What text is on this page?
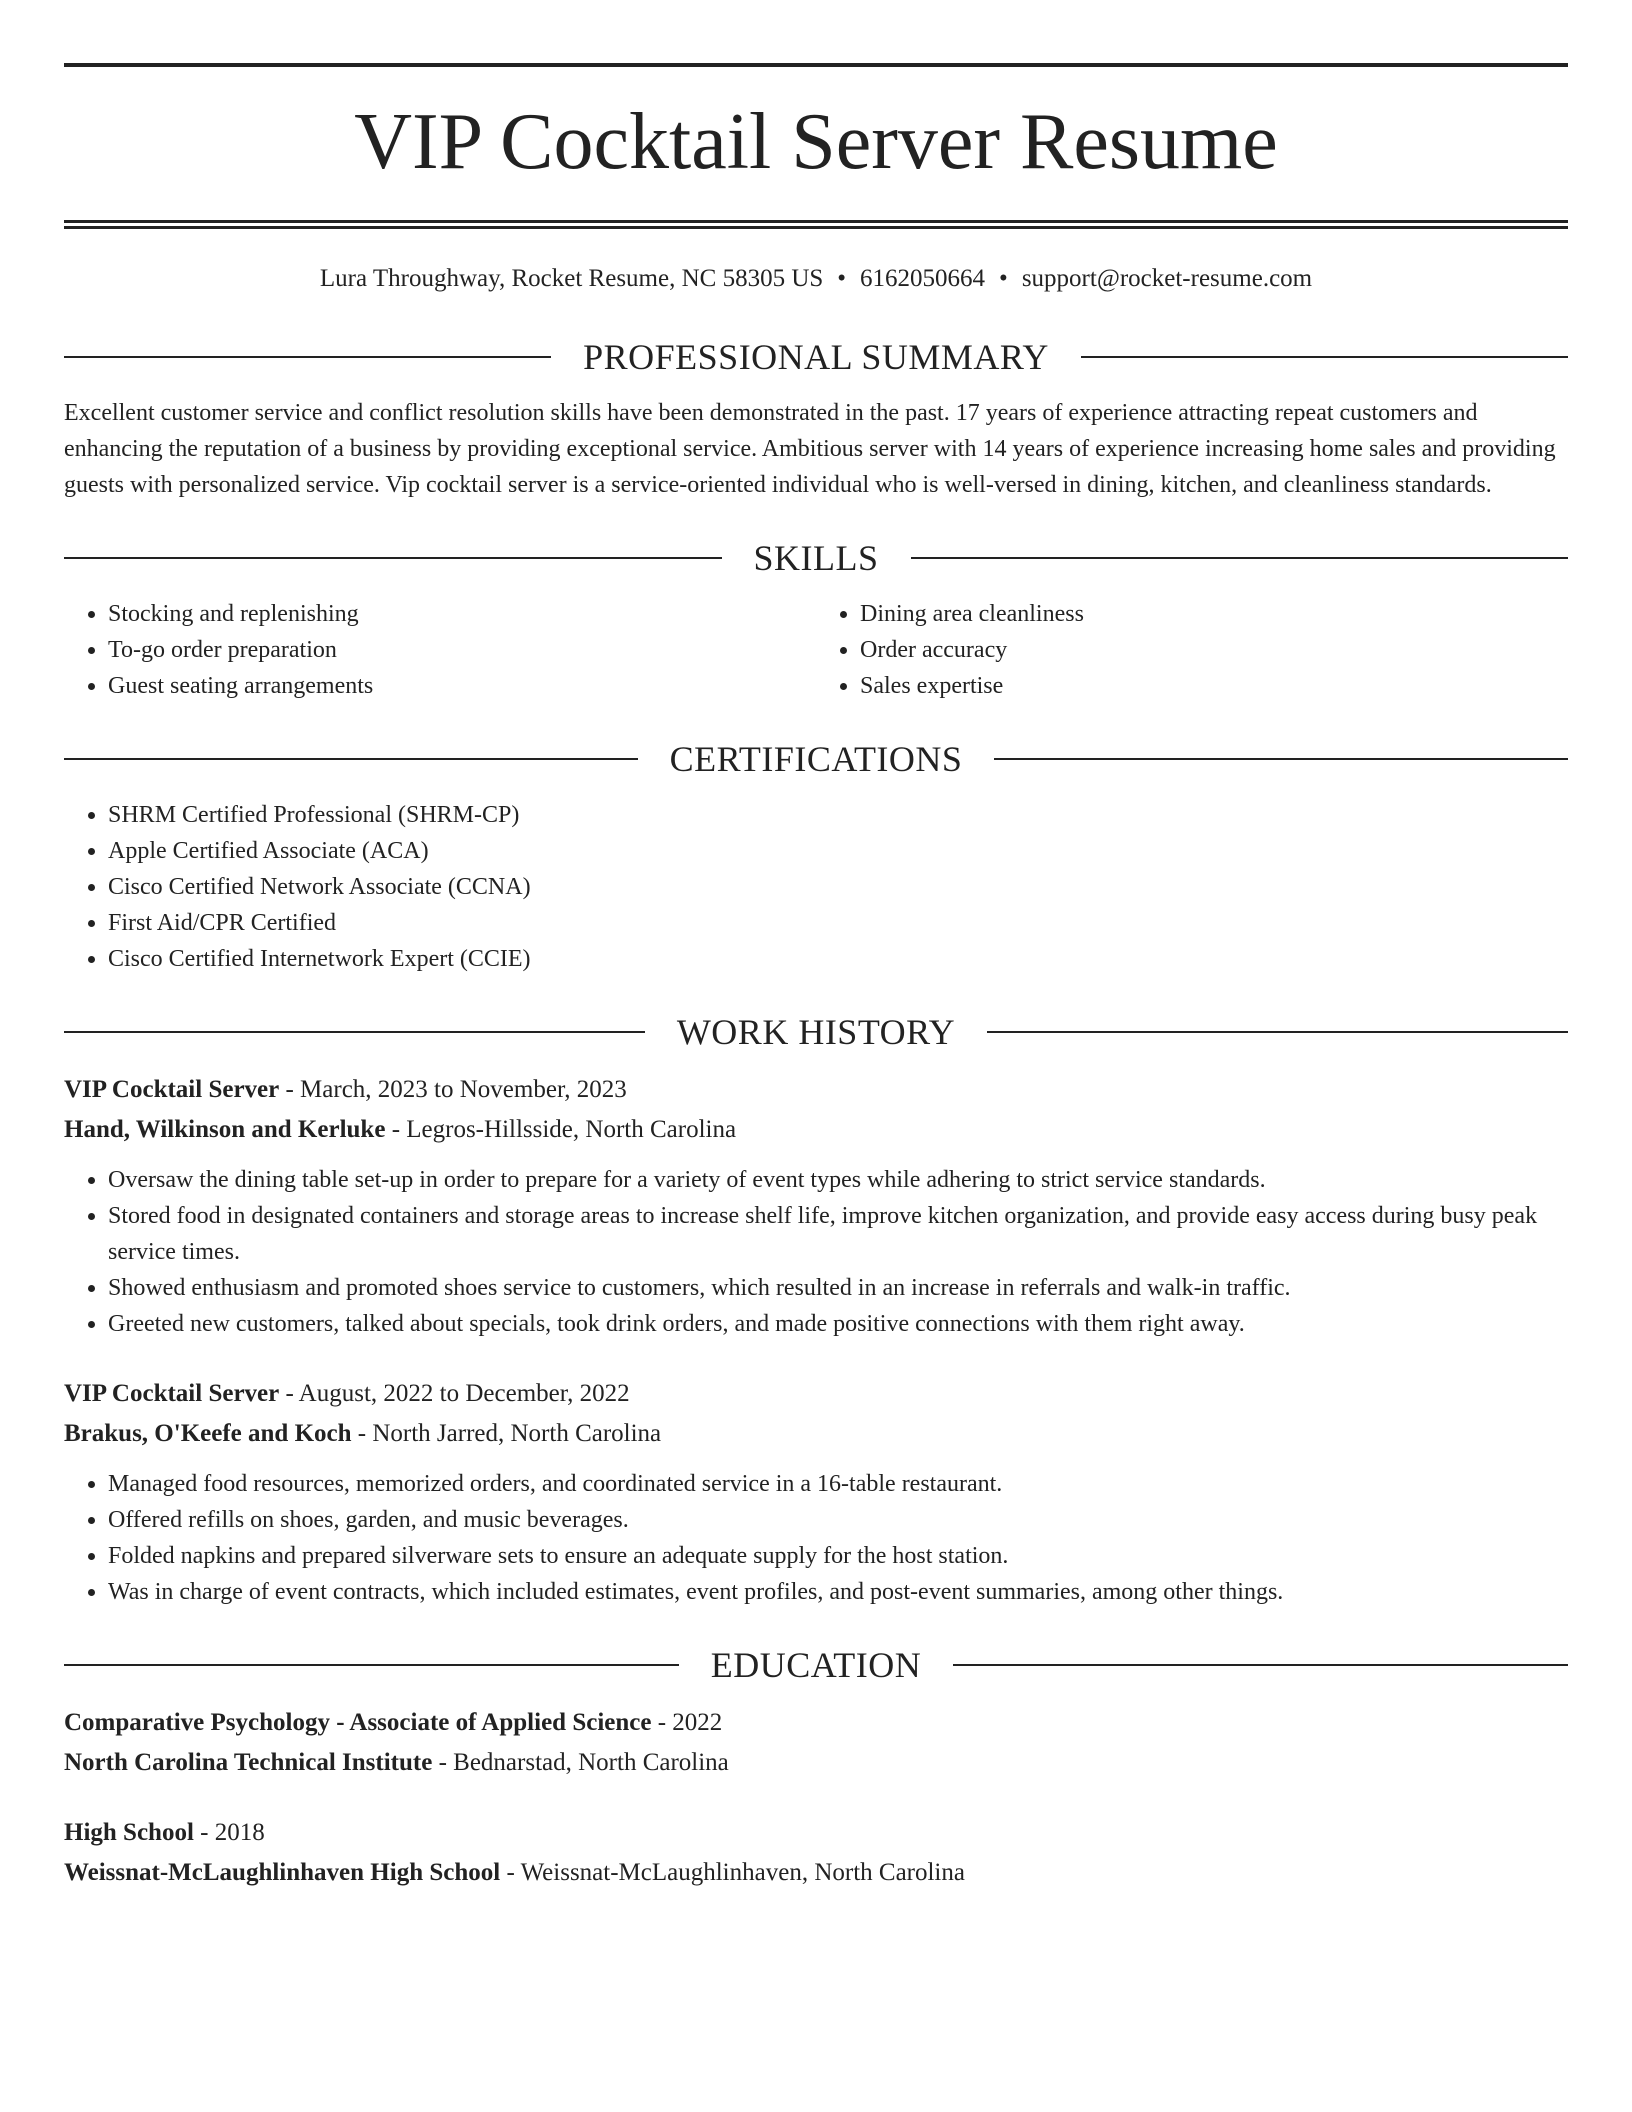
VIP Cocktail Server Resume
Lura Throughway, Rocket Resume, NC 58305 US • 6162050664 • support@rocket-resume.com
PROFESSIONAL SUMMARY

Excellent customer service and conflict resolution skills have been demonstrated in the past. 17 years of experience attracting repeat customers and enhancing the reputation of a business by providing exceptional service. Ambitious server with 14 years of experience increasing home sales and providing guests with personalized service. Vip cocktail server is a service-oriented individual who is well-versed in dining, kitchen, and cleanliness standards.

SKILLS
• Stocking and replenishing
• To-go order preparation
• Guest seating arrangements
• Dining area cleanliness
• Order accuracy
• Sales expertise
CERTIFICATIONS
• SHRM Certified Professional (SHRM-CP)
• Apple Certified Associate (ACA)
• Cisco Certified Network Associate (CCNA)
• First Aid/CPR Certified
• Cisco Certified Internetwork Expert (CCIE)
WORK HISTORY
VIP Cocktail Server - March, 2023 to November, 2023
Hand, Wilkinson and Kerluke - Legros-Hillsside, North Carolina
• Oversaw the dining table set-up in order to prepare for a variety of event types while adhering to strict service standards.
• Stored food in designated containers and storage areas to increase shelf life, improve kitchen organization, and provide easy access during busy peak service times.
• Showed enthusiasm and promoted shoes service to customers, which resulted in an increase in referrals and walk-in traffic.
• Greeted new customers, talked about specials, took drink orders, and made positive connections with them right away.
VIP Cocktail Server - August, 2022 to December, 2022
Brakus, O'Keefe and Koch - North Jarred, North Carolina
• Managed food resources, memorized orders, and coordinated service in a 16-table restaurant.
• Offered refills on shoes, garden, and music beverages.
• Folded napkins and prepared silverware sets to ensure an adequate supply for the host station.
• Was in charge of event contracts, which included estimates, event profiles, and post-event summaries, among other things.
EDUCATION
Comparative Psychology - Associate of Applied Science - 2022
North Carolina Technical Institute - Bednarstad, North Carolina
High School - 2018
Weissnat-McLaughlinhaven High School - Weissnat-McLaughlinhaven, North Carolina
